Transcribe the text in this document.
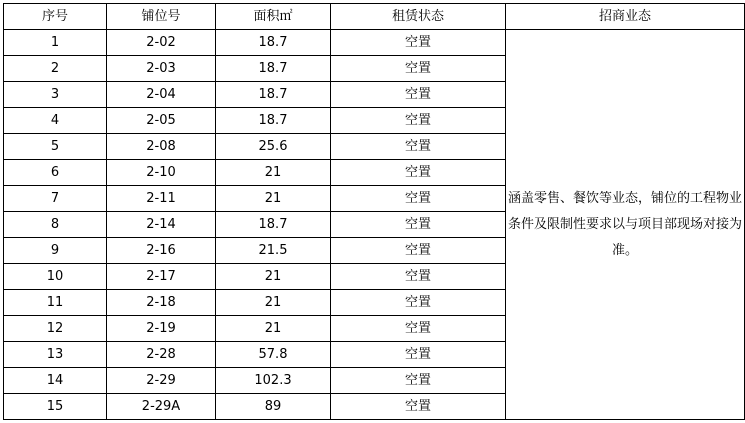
序号	铺位号	面积㎡	租赁状态	招商业态
1	2-02	18.7	空置	涵盖零售、餐饮等业态，铺位的工程物业条件及限制性要求以与项目部现场对接为准。
2	2-03	18.7	空置	
3	2-04	18.7	空置	
4	2-05	18.7	空置	
5	2-08	25.6	空置	
6	2-10	21	空置	
7	2-11	21	空置	
8	2-14	18.7	空置	
9	2-16	21.5	空置	
10	2-17	21	空置	
11	2-18	21	空置	
12	2-19	21	空置	
13	2-28	57.8	空置	
14	2-29	102.3	空置	
15	2-29A	89	空置	
